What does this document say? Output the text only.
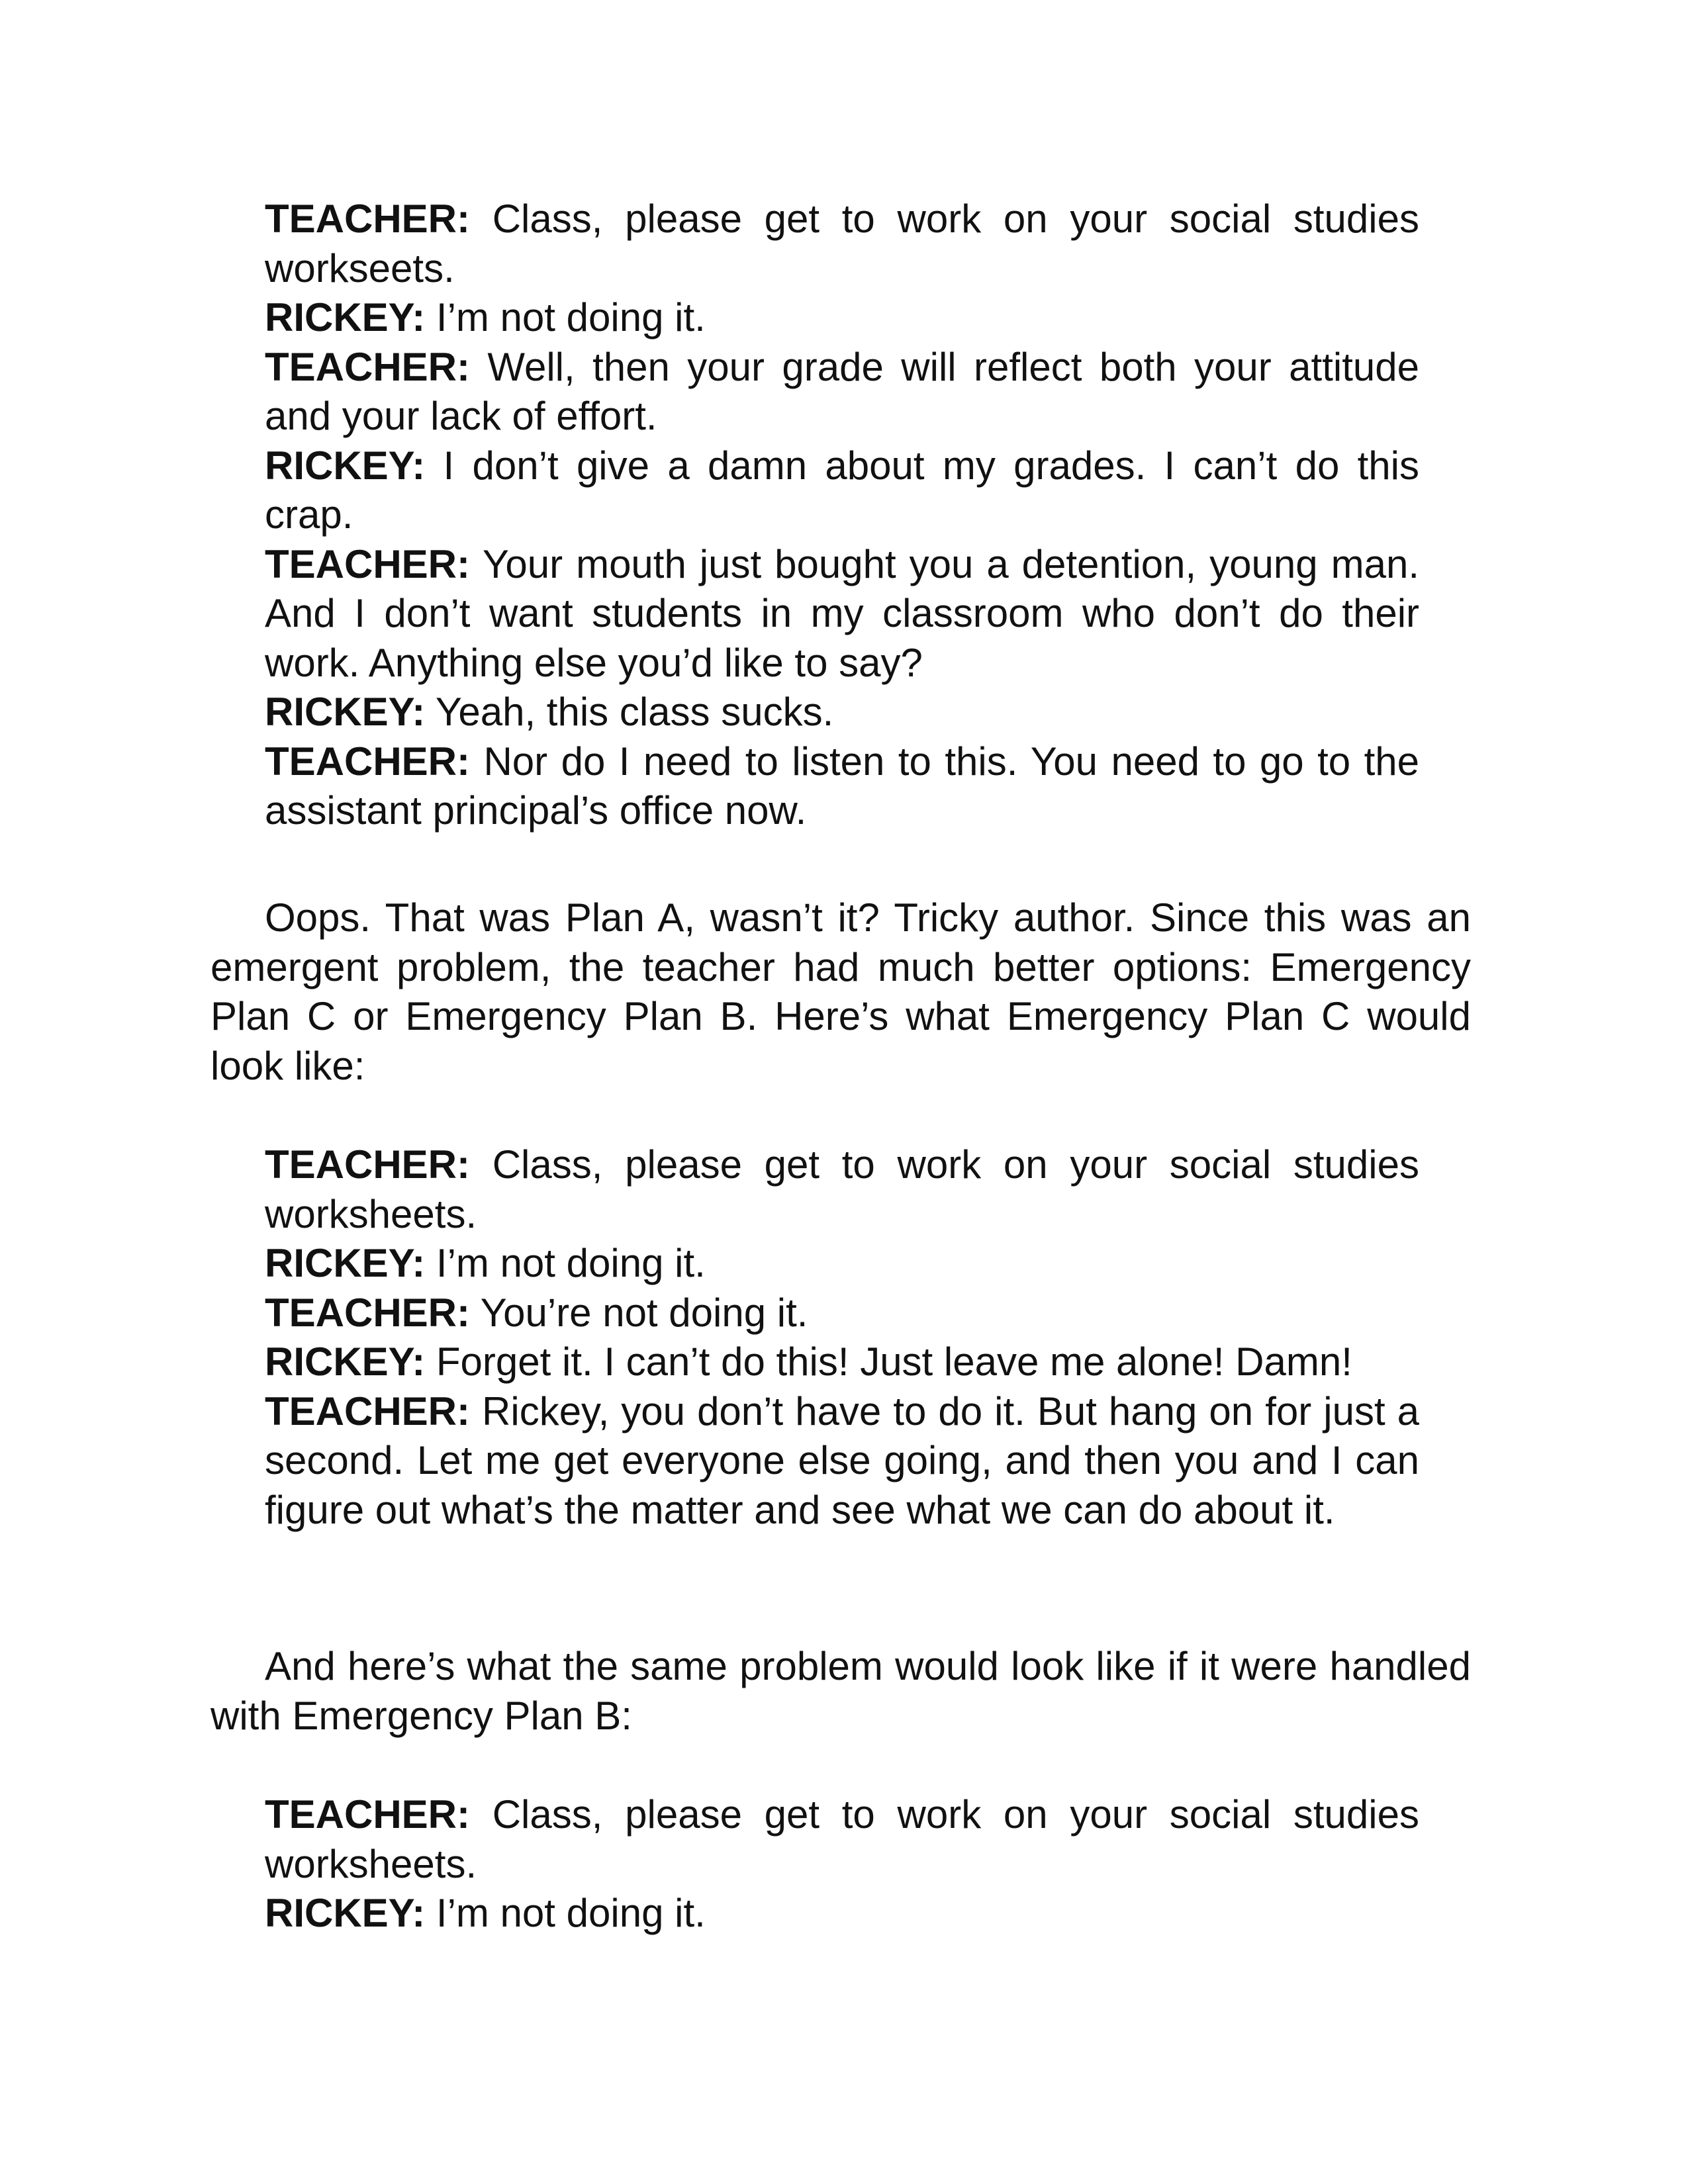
TEACHER: Class, please get to work on your social studies workseets.

RICKEY: I’m not doing it.

TEACHER: Well, then your grade will reflect both your attitude and your lack of effort.

RICKEY: I don’t give a damn about my grades. I can’t do this crap.

TEACHER: Your mouth just bought you a detention, young man. And I don’t want students in my classroom who don’t do their work. Anything else you’d like to say?

RICKEY: Yeah, this class sucks.

TEACHER: Nor do I need to listen to this. You need to go to the assistant principal’s office now.

Oops. That was Plan A, wasn’t it? Tricky author. Since this was an emergent problem, the teacher had much better options: Emergency Plan C or Emergency Plan B. Here’s what Emergency Plan C would look like:

TEACHER: Class, please get to work on your social studies worksheets.

RICKEY: I’m not doing it.

TEACHER: You’re not doing it.

RICKEY: Forget it. I can’t do this! Just leave me alone! Damn!

TEACHER: Rickey, you don’t have to do it. But hang on for just a second. Let me get everyone else going, and then you and I can figure out what’s the matter and see what we can do about it.

And here’s what the same problem would look like if it were handled with Emergency Plan B:

TEACHER: Class, please get to work on your social studies worksheets.

RICKEY: I’m not doing it.
